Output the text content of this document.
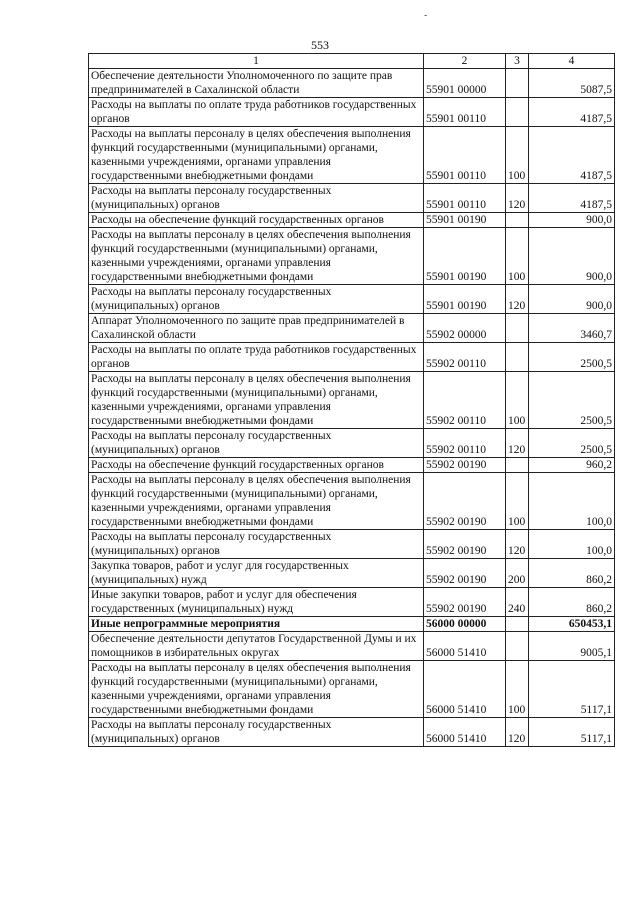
-
553
1	2	3	4
Обеспечение деятельности Уполномоченного по защите прав предпринимателей в Сахалинской области	55901 00000		5087,5
Расходы на выплаты по оплате труда работников государственных органов	55901 00110		4187,5
Расходы на выплаты персоналу в целях обеспечения выполнения функций государственными (муниципальными) органами, казенными учреждениями, органами управления государственными внебюджетными фондами	55901 00110	100	4187,5
Расходы на выплаты персоналу государственных (муниципальных) органов	55901 00110	120	4187,5
Расходы на обеспечение функций государственных органов	55901 00190		900,0
Расходы на выплаты персоналу в целях обеспечения выполнения функций государственными (муниципальными) органами, казенными учреждениями, органами управления государственными внебюджетными фондами	55901 00190	100	900,0
Расходы на выплаты персоналу государственных (муниципальных) органов	55901 00190	120	900,0
Аппарат Уполномоченного по защите прав предпринимателей в Сахалинской области	55902 00000		3460,7
Расходы на выплаты по оплате труда работников государственных органов	55902 00110		2500,5
Расходы на выплаты персоналу в целях обеспечения выполнения функций государственными (муниципальными) органами, казенными учреждениями, органами управления государственными внебюджетными фондами	55902 00110	100	2500,5
Расходы на выплаты персоналу государственных (муниципальных) органов	55902 00110	120	2500,5
Расходы на обеспечение функций государственных органов	55902 00190		960,2
Расходы на выплаты персоналу в целях обеспечения выполнения функций государственными (муниципальными) органами, казенными учреждениями, органами управления государственными внебюджетными фондами	55902 00190	100	100,0
Расходы на выплаты персоналу государственных (муниципальных) органов	55902 00190	120	100,0
Закупка товаров, работ и услуг для государственных (муниципальных) нужд	55902 00190	200	860,2
Иные закупки товаров, работ и услуг для обеспечения государственных (муниципальных) нужд	55902 00190	240	860,2
Иные непрограммные мероприятия	56000 00000		650453,1
Обеспечение деятельности депутатов Государственной Думы и их помощников в избирательных округах	56000 51410		9005,1
Расходы на выплаты персоналу в целях обеспечения выполнения функций государственными (муниципальными) органами, казенными учреждениями, органами управления государственными внебюджетными фондами	56000 51410	100	5117,1
Расходы на выплаты персоналу государственных (муниципальных) органов	56000 51410	120	5117,1
